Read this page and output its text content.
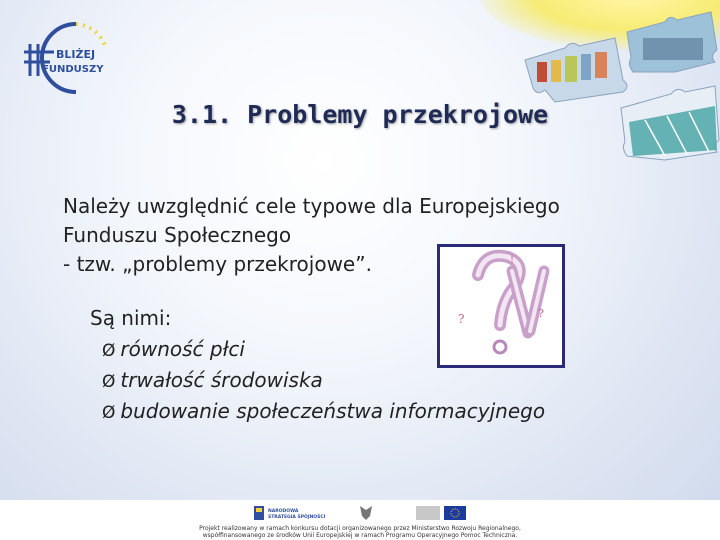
BLIŻEJ
FUNDUSZY
3.1. Problemy przekrojowe
Należy uwzględnić cele typowe dla Europejskiego
Funduszu Społecznego
- tzw. „problemy przekrojowe”.
?	?
!
Są nimi:
Ø równość płci
Ø trwałość środowiska
Ø budowanie społeczeństwa informacyjnego
NARODOWA
STRATEGIA SPÓJNOŚCI
Projekt realizowany w ramach konkursu dotacji organizowanego przez Ministerstwo Rozwoju Regionalnego,
współfinansowanego ze środków Unii Europejskiej w ramach Programu Operacyjnego Pomoc Techniczna.
